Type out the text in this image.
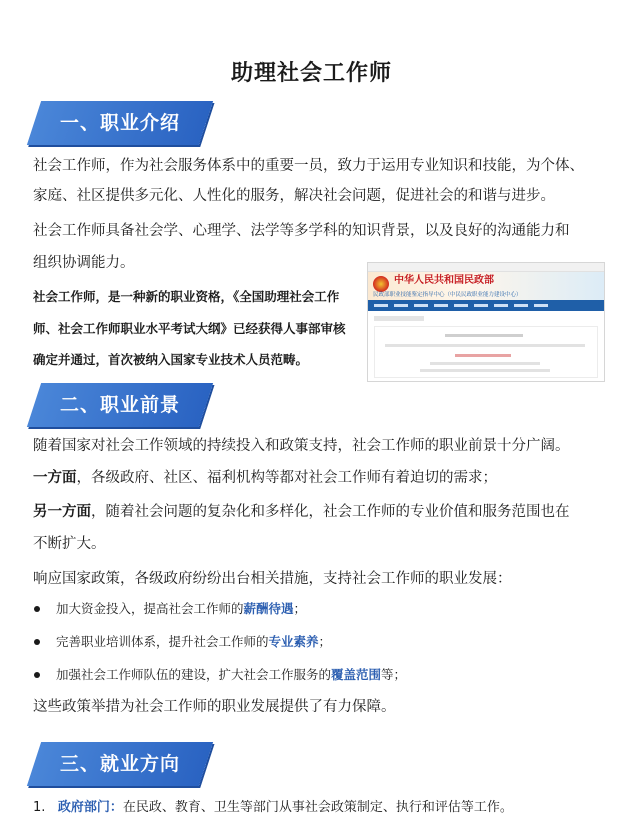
助理社会工作师
一、职业介绍
社会工作师，作为社会服务体系中的重要一员，致力于运用专业知识和技能，为个体、
家庭、社区提供多元化、人性化的服务，解决社会问题，促进社会的和谐与进步。
社会工作师具备社会学、心理学、法学等多学科的知识背景，以及良好的沟通能力和
组织协调能力。
社会工作师，是一种新的职业资格，《全国助理社会工作
师、社会工作师职业水平考试大纲》已经获得人事部审核
确定并通过，首次被纳入国家专业技术人员范畴。
中华人民共和国民政部
民政部职业技能鉴定指导中心（中民民政职业能力建设中心）
二、职业前景
随着国家对社会工作领域的持续投入和政策支持，社会工作师的职业前景十分广阔。
一方面，各级政府、社区、福利机构等都对社会工作师有着迫切的需求；
另一方面，随着社会问题的复杂化和多样化，社会工作师的专业价值和服务范围也在
不断扩大。
响应国家政策，各级政府纷纷出台相关措施，支持社会工作师的职业发展：
加大资金投入，提高社会工作师的薪酬待遇；
完善职业培训体系，提升社会工作师的专业素养；
加强社会工作师队伍的建设，扩大社会工作服务的覆盖范围等；
这些政策举措为社会工作师的职业发展提供了有力保障。
三、就业方向
1. 政府部门：在民政、教育、卫生等部门从事社会政策制定、执行和评估等工作。
